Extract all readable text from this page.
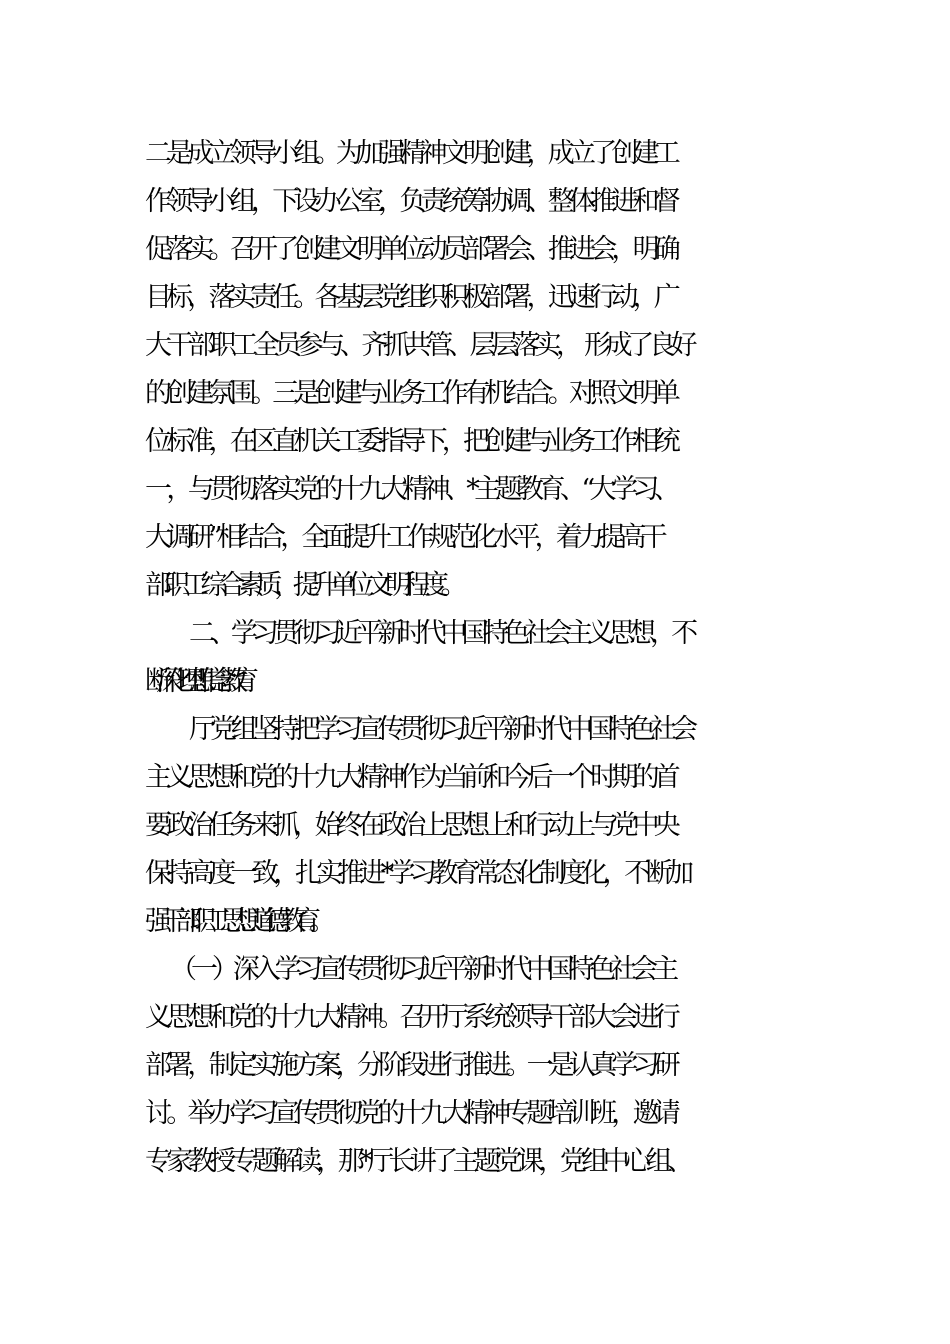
二是成立领导小组。为加强精神文明创建，成立了创建工
作领导小组，下设办公室，负责统筹协调、整体推进和督
促落实。召开了创建文明单位动员部署会、推进会，明确
目标，落实责任。各基层党组织积极部署，迅速行动，广
大干部职工全员参与、齐抓共管、层层落实，  形成了良好
的创建氛围。三是创建与业务工作有机结合。对照文明单
位标准，在区直机关工委指导下，把创建与业务工作相统
一，与贯彻落实党的十九大精神、*主题教育、“大学习、
大调研”相结合，全面提升工作规范化水平，着力提高干
部职工综合素质，提升单位文明程度。
二、学习贯彻习近平新时代中国特色社会主义思想，不
断深化理想信念教育
厅党组坚持把学习宣传贯彻习近平新时代中国特色社会
主义思想和党的十九大精神作为当前和今后一个时期的首
要政治任务来抓，始终在政治上思想上和行动上与党中央
保持高度一致，扎实推进*学习教育常态化制度化，不断加
强干部职工思想道德教育。
（一）深入学习宣传贯彻习近平新时代中国特色社会主
义思想和党的十九大精神。召开厅系统领导干部大会进行
部署，制定实施方案，分阶段进行推进。一是认真学习研
讨。举办学习宣传贯彻党的十九大精神专题培训班，邀请
专家教授专题解读，那*厅长讲了主题党课，党组中心组、
